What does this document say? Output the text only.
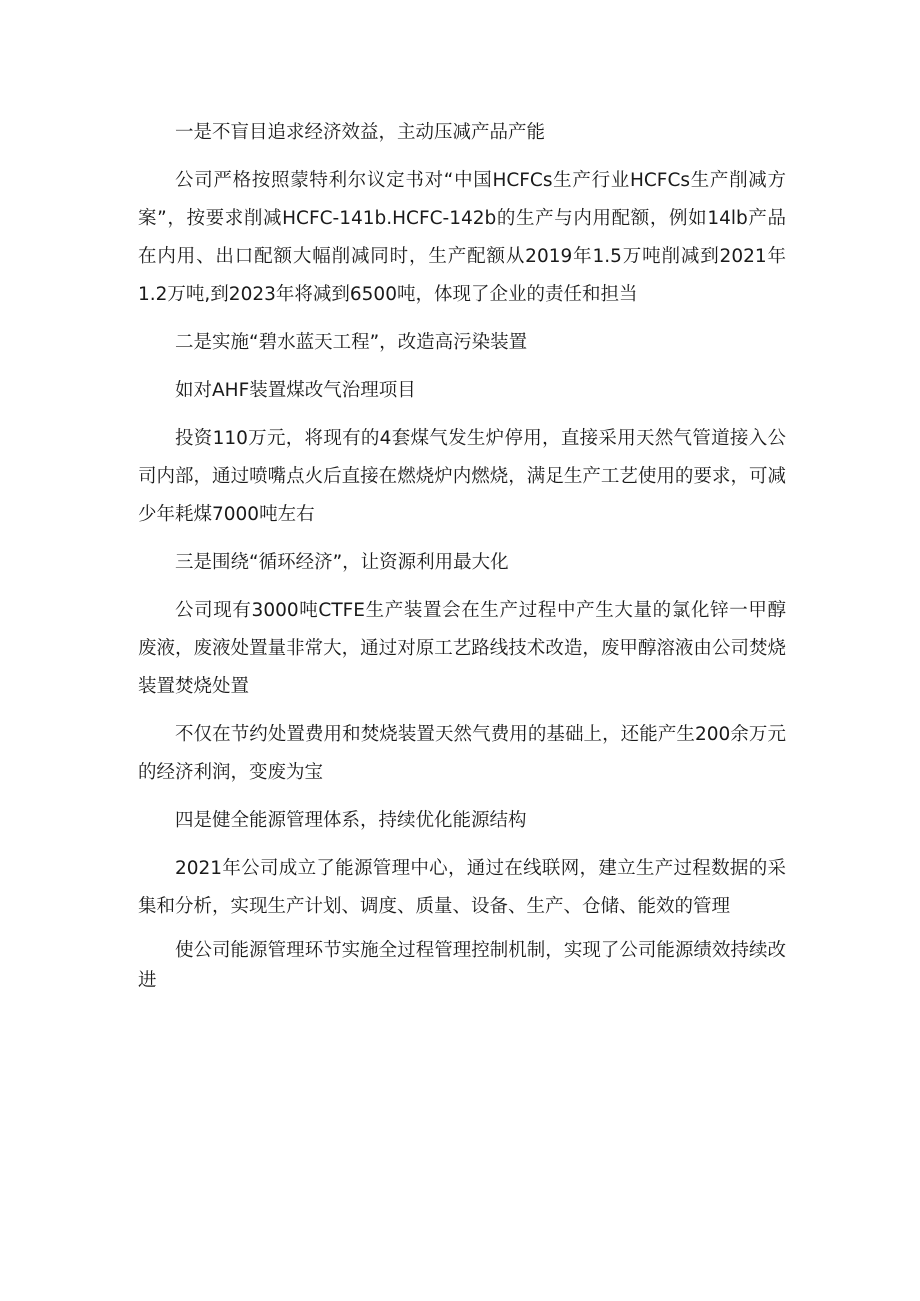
一是不盲目追求经济效益，主动压减产品产能

公司严格按照蒙特利尔议定书对“中国HCFCs生产行业HCFCs生产削减方案”，按要求削减HCFC-141b.HCFC-142b的生产与内用配额，例如14lb产品在内用、出口配额大幅削减同时，生产配额从2019年1.5万吨削减到2021年1.2万吨,到2023年将减到6500吨，体现了企业的责任和担当

二是实施“碧水蓝天工程”，改造高污染装置

如对AHF装置煤改气治理项目

投资110万元，将现有的4套煤气发生炉停用，直接采用天然气管道接入公司内部，通过喷嘴点火后直接在燃烧炉内燃烧，满足生产工艺使用的要求，可减少年耗煤7000吨左右

三是围绕“循环经济”，让资源利用最大化

公司现有3000吨CTFE生产装置会在生产过程中产生大量的氯化锌一甲醇废液，废液处置量非常大，通过对原工艺路线技术改造，废甲醇溶液由公司焚烧装置焚烧处置

不仅在节约处置费用和焚烧装置天然气费用的基础上，还能产生200余万元的经济利润，变废为宝

四是健全能源管理体系，持续优化能源结构

2021年公司成立了能源管理中心，通过在线联网，建立生产过程数据的采集和分析，实现生产计划、调度、质量、设备、生产、仓储、能效的管理

使公司能源管理环节实施全过程管理控制机制，实现了公司能源绩效持续改进
